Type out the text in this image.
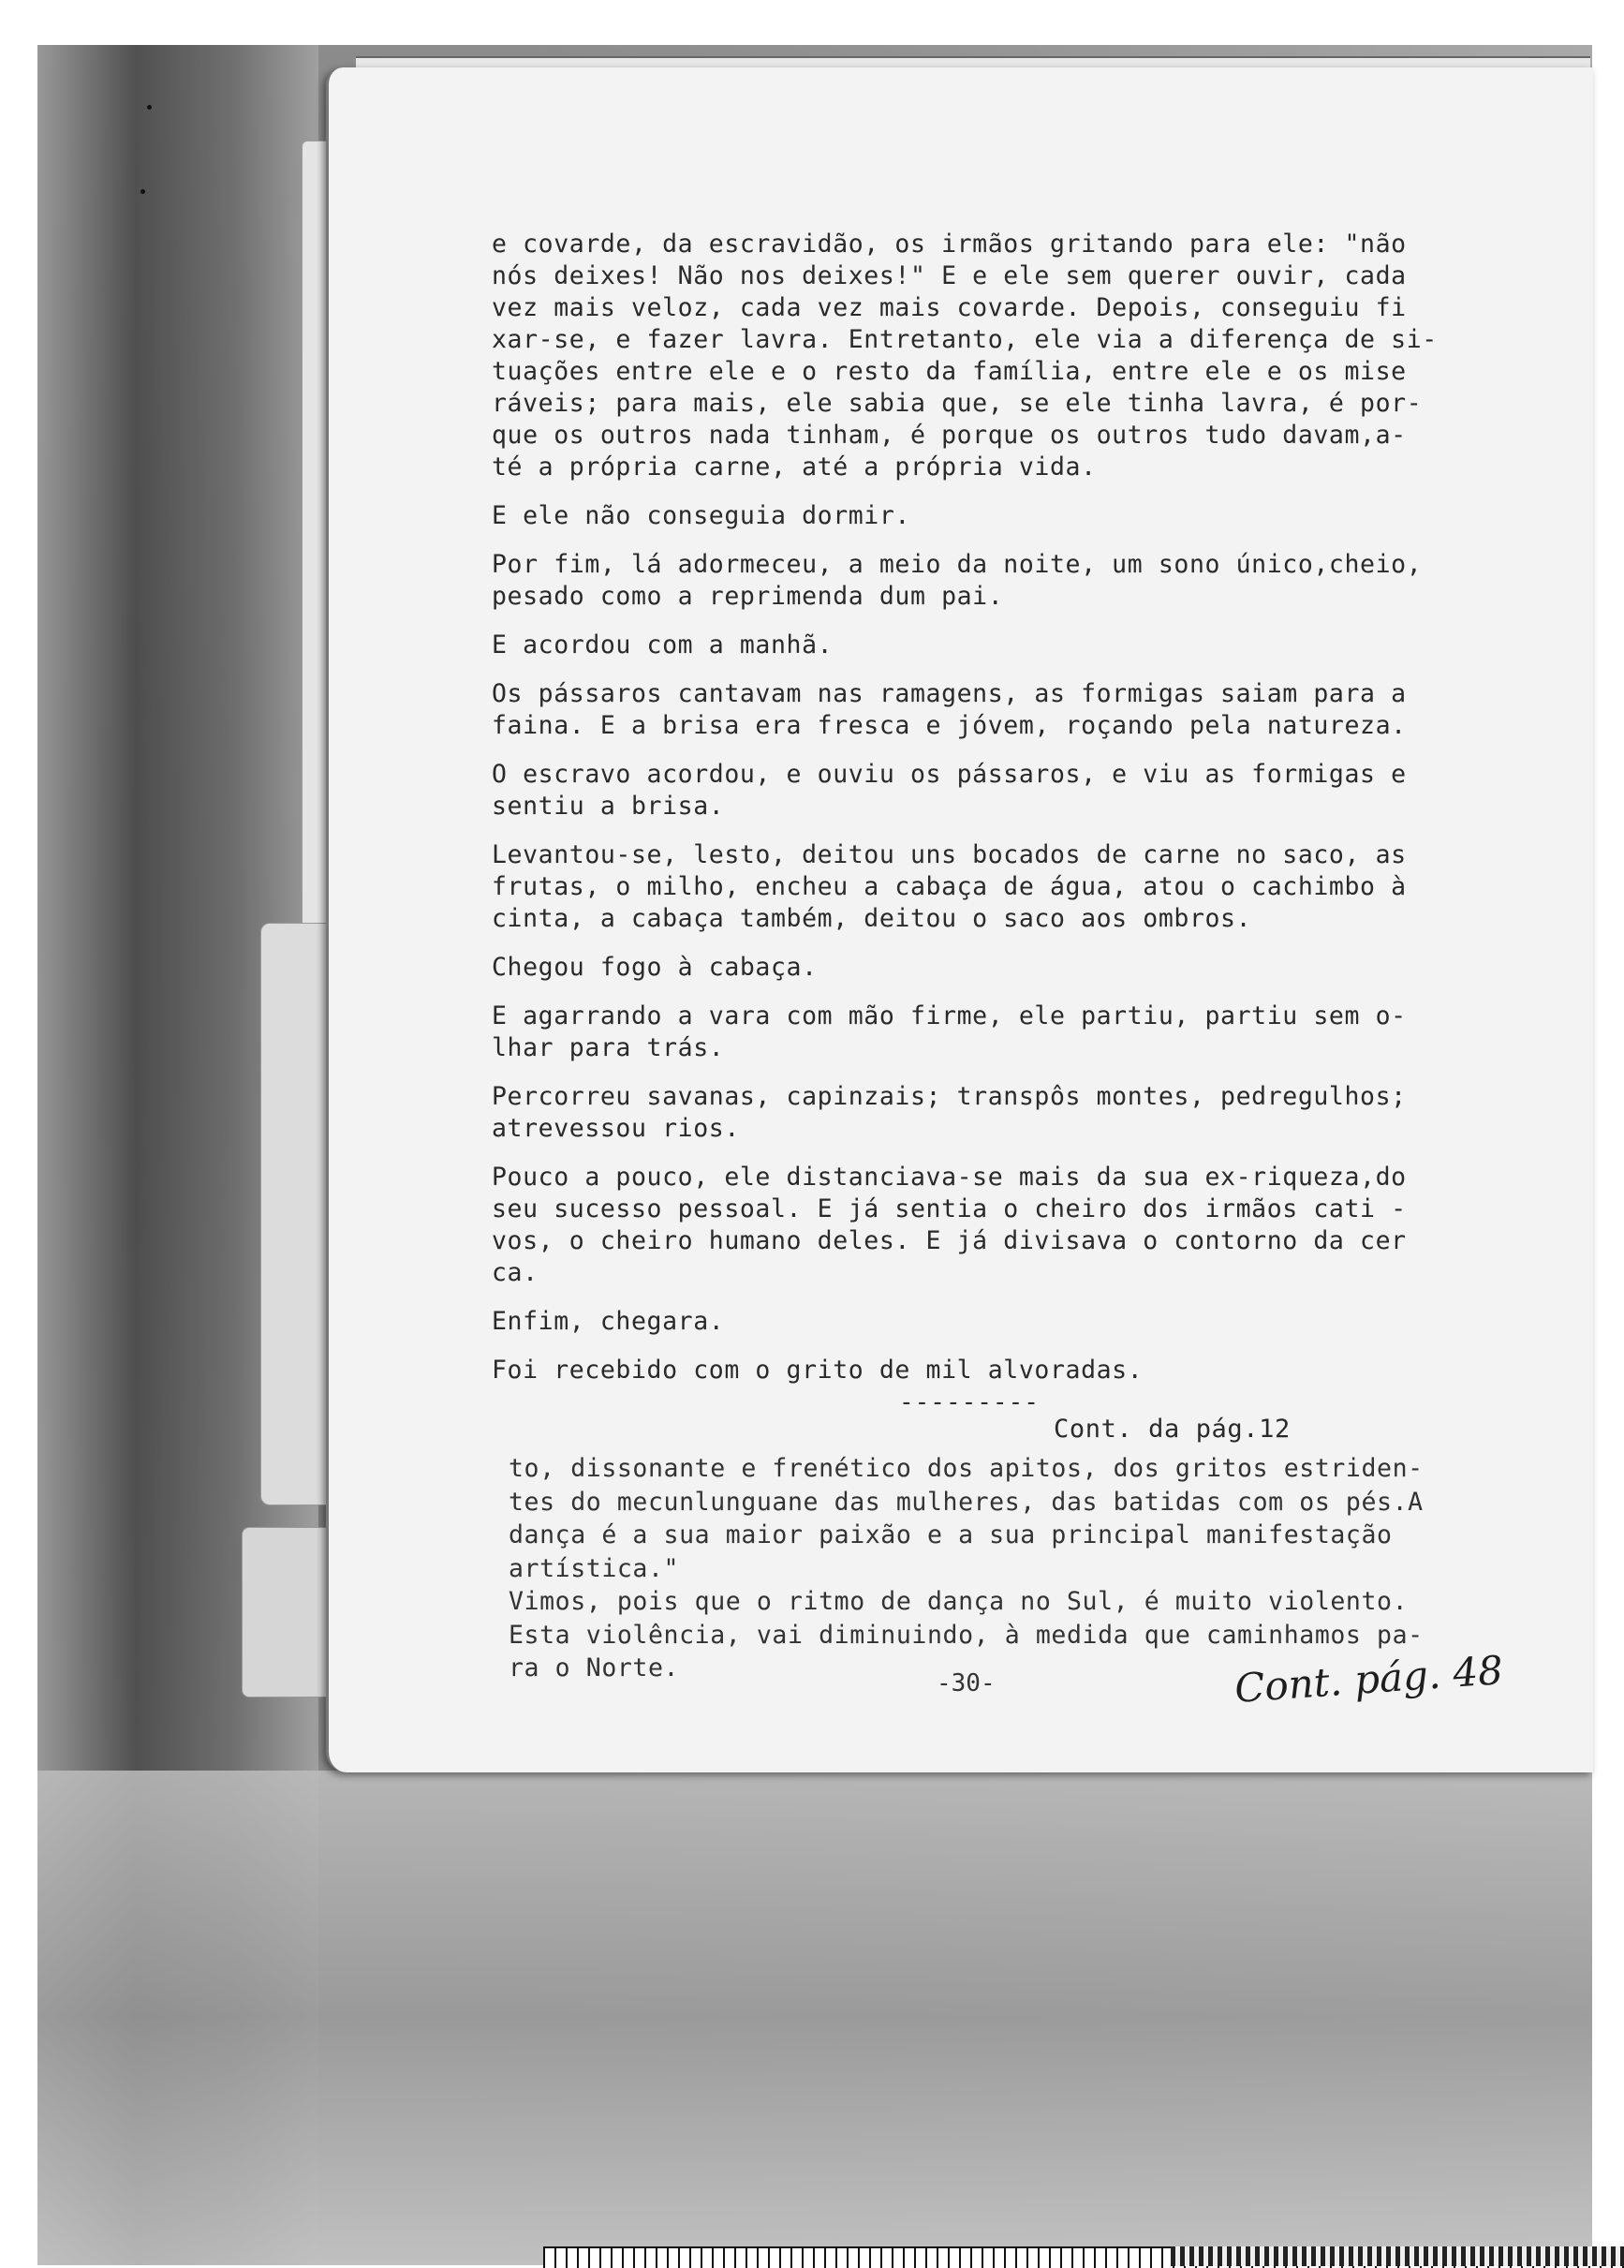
e covarde, da escravidão, os irmãos gritando para ele: "não
nós deixes! Não nos deixes!" E e ele sem querer ouvir, cada
vez mais veloz, cada vez mais covarde. Depois, conseguiu fi
xar-se, e fazer lavra. Entretanto, ele via a diferença de si-
tuações entre ele e o resto da família, entre ele e os mise
ráveis; para mais, ele sabia que, se ele tinha lavra, é por-
que os outros nada tinham, é porque os outros tudo davam,a-
té a própria carne, até a própria vida.
E ele não conseguia dormir.
Por fim, lá adormeceu, a meio da noite, um sono único,cheio,
pesado como a reprimenda dum pai.
E acordou com a manhã.
Os pássaros cantavam nas ramagens, as formigas saiam para a
faina. E a brisa era fresca e jóvem, roçando pela natureza.
O escravo acordou, e ouviu os pássaros, e viu as formigas e
sentiu a brisa.
Levantou-se, lesto, deitou uns bocados de carne no saco, as
frutas, o milho, encheu a cabaça de água, atou o cachimbo à
cinta, a cabaça também, deitou o saco aos ombros.
Chegou fogo à cabaça.
E agarrando a vara com mão firme, ele partiu, partiu sem o-
lhar para trás.
Percorreu savanas, capinzais; transpôs montes, pedregulhos;
atrevessou rios.
Pouco a pouco, ele distanciava-se mais da sua ex-riqueza,do
seu sucesso pessoal. E já sentia o cheiro dos irmãos cati -
vos, o cheiro humano deles. E já divisava o contorno da cer
ca.
Enfim, chegara.
Foi recebido com o grito de mil alvoradas.
---------
Cont. da pág.12
to, dissonante e frenético dos apitos, dos gritos estriden-
tes do mecunlunguane das mulheres, das batidas com os pés.A
dança é a sua maior paixão e a sua principal manifestação
artística."
Vimos, pois que o ritmo de dança no Sul, é muito violento.
Esta violência, vai diminuindo, à medida que caminhamos pa-
ra o Norte.
-30-	Cont. pág. 48
